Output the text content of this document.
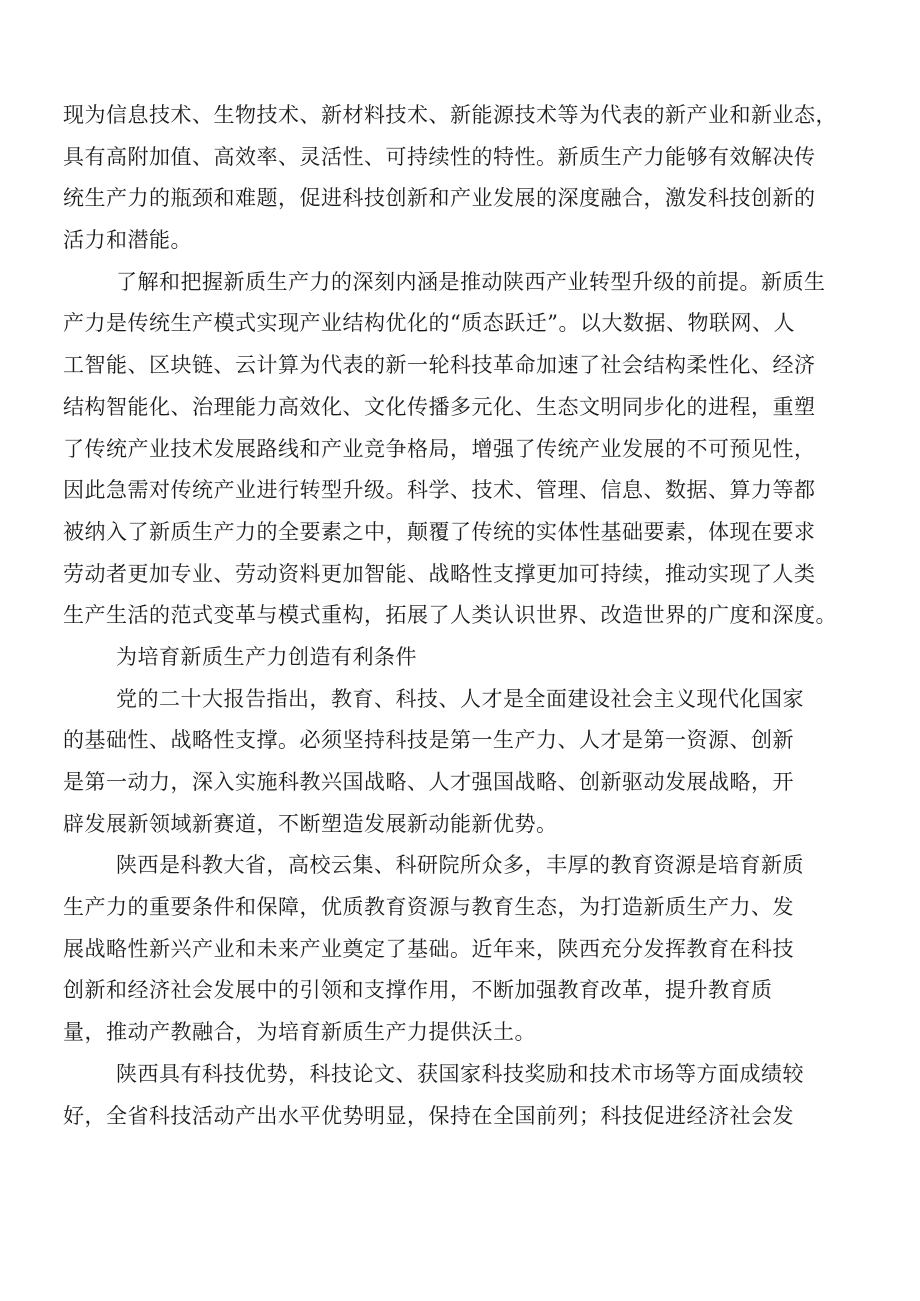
现为信息技术、生物技术、新材料技术、新能源技术等为代表的新产业和新业态，
具有高附加值、高效率、灵活性、可持续性的特性。新质生产力能够有效解决传
统生产力的瓶颈和难题，促进科技创新和产业发展的深度融合，激发科技创新的
活力和潜能。
了解和把握新质生产力的深刻内涵是推动陕西产业转型升级的前提。新质生
产力是传统生产模式实现产业结构优化的“质态跃迁”。以大数据、物联网、人
工智能、区块链、云计算为代表的新一轮科技革命加速了社会结构柔性化、经济
结构智能化、治理能力高效化、文化传播多元化、生态文明同步化的进程，重塑
了传统产业技术发展路线和产业竞争格局，增强了传统产业发展的不可预见性，
因此急需对传统产业进行转型升级。科学、技术、管理、信息、数据、算力等都
被纳入了新质生产力的全要素之中，颠覆了传统的实体性基础要素，体现在要求
劳动者更加专业、劳动资料更加智能、战略性支撑更加可持续，推动实现了人类
生产生活的范式变革与模式重构，拓展了人类认识世界、改造世界的广度和深度。
为培育新质生产力创造有利条件
党的二十大报告指出，教育、科技、人才是全面建设社会主义现代化国家
的基础性、战略性支撑。必须坚持科技是第一生产力、人才是第一资源、创新
是第一动力，深入实施科教兴国战略、人才强国战略、创新驱动发展战略，开
辟发展新领域新赛道，不断塑造发展新动能新优势。
陕西是科教大省，高校云集、科研院所众多，丰厚的教育资源是培育新质
生产力的重要条件和保障，优质教育资源与教育生态，为打造新质生产力、发
展战略性新兴产业和未来产业奠定了基础。近年来，陕西充分发挥教育在科技
创新和经济社会发展中的引领和支撑作用，不断加强教育改革，提升教育质
量，推动产教融合，为培育新质生产力提供沃土。
陕西具有科技优势，科技论文、获国家科技奖励和技术市场等方面成绩较
好，全省科技活动产出水平优势明显，保持在全国前列；科技促进经济社会发
